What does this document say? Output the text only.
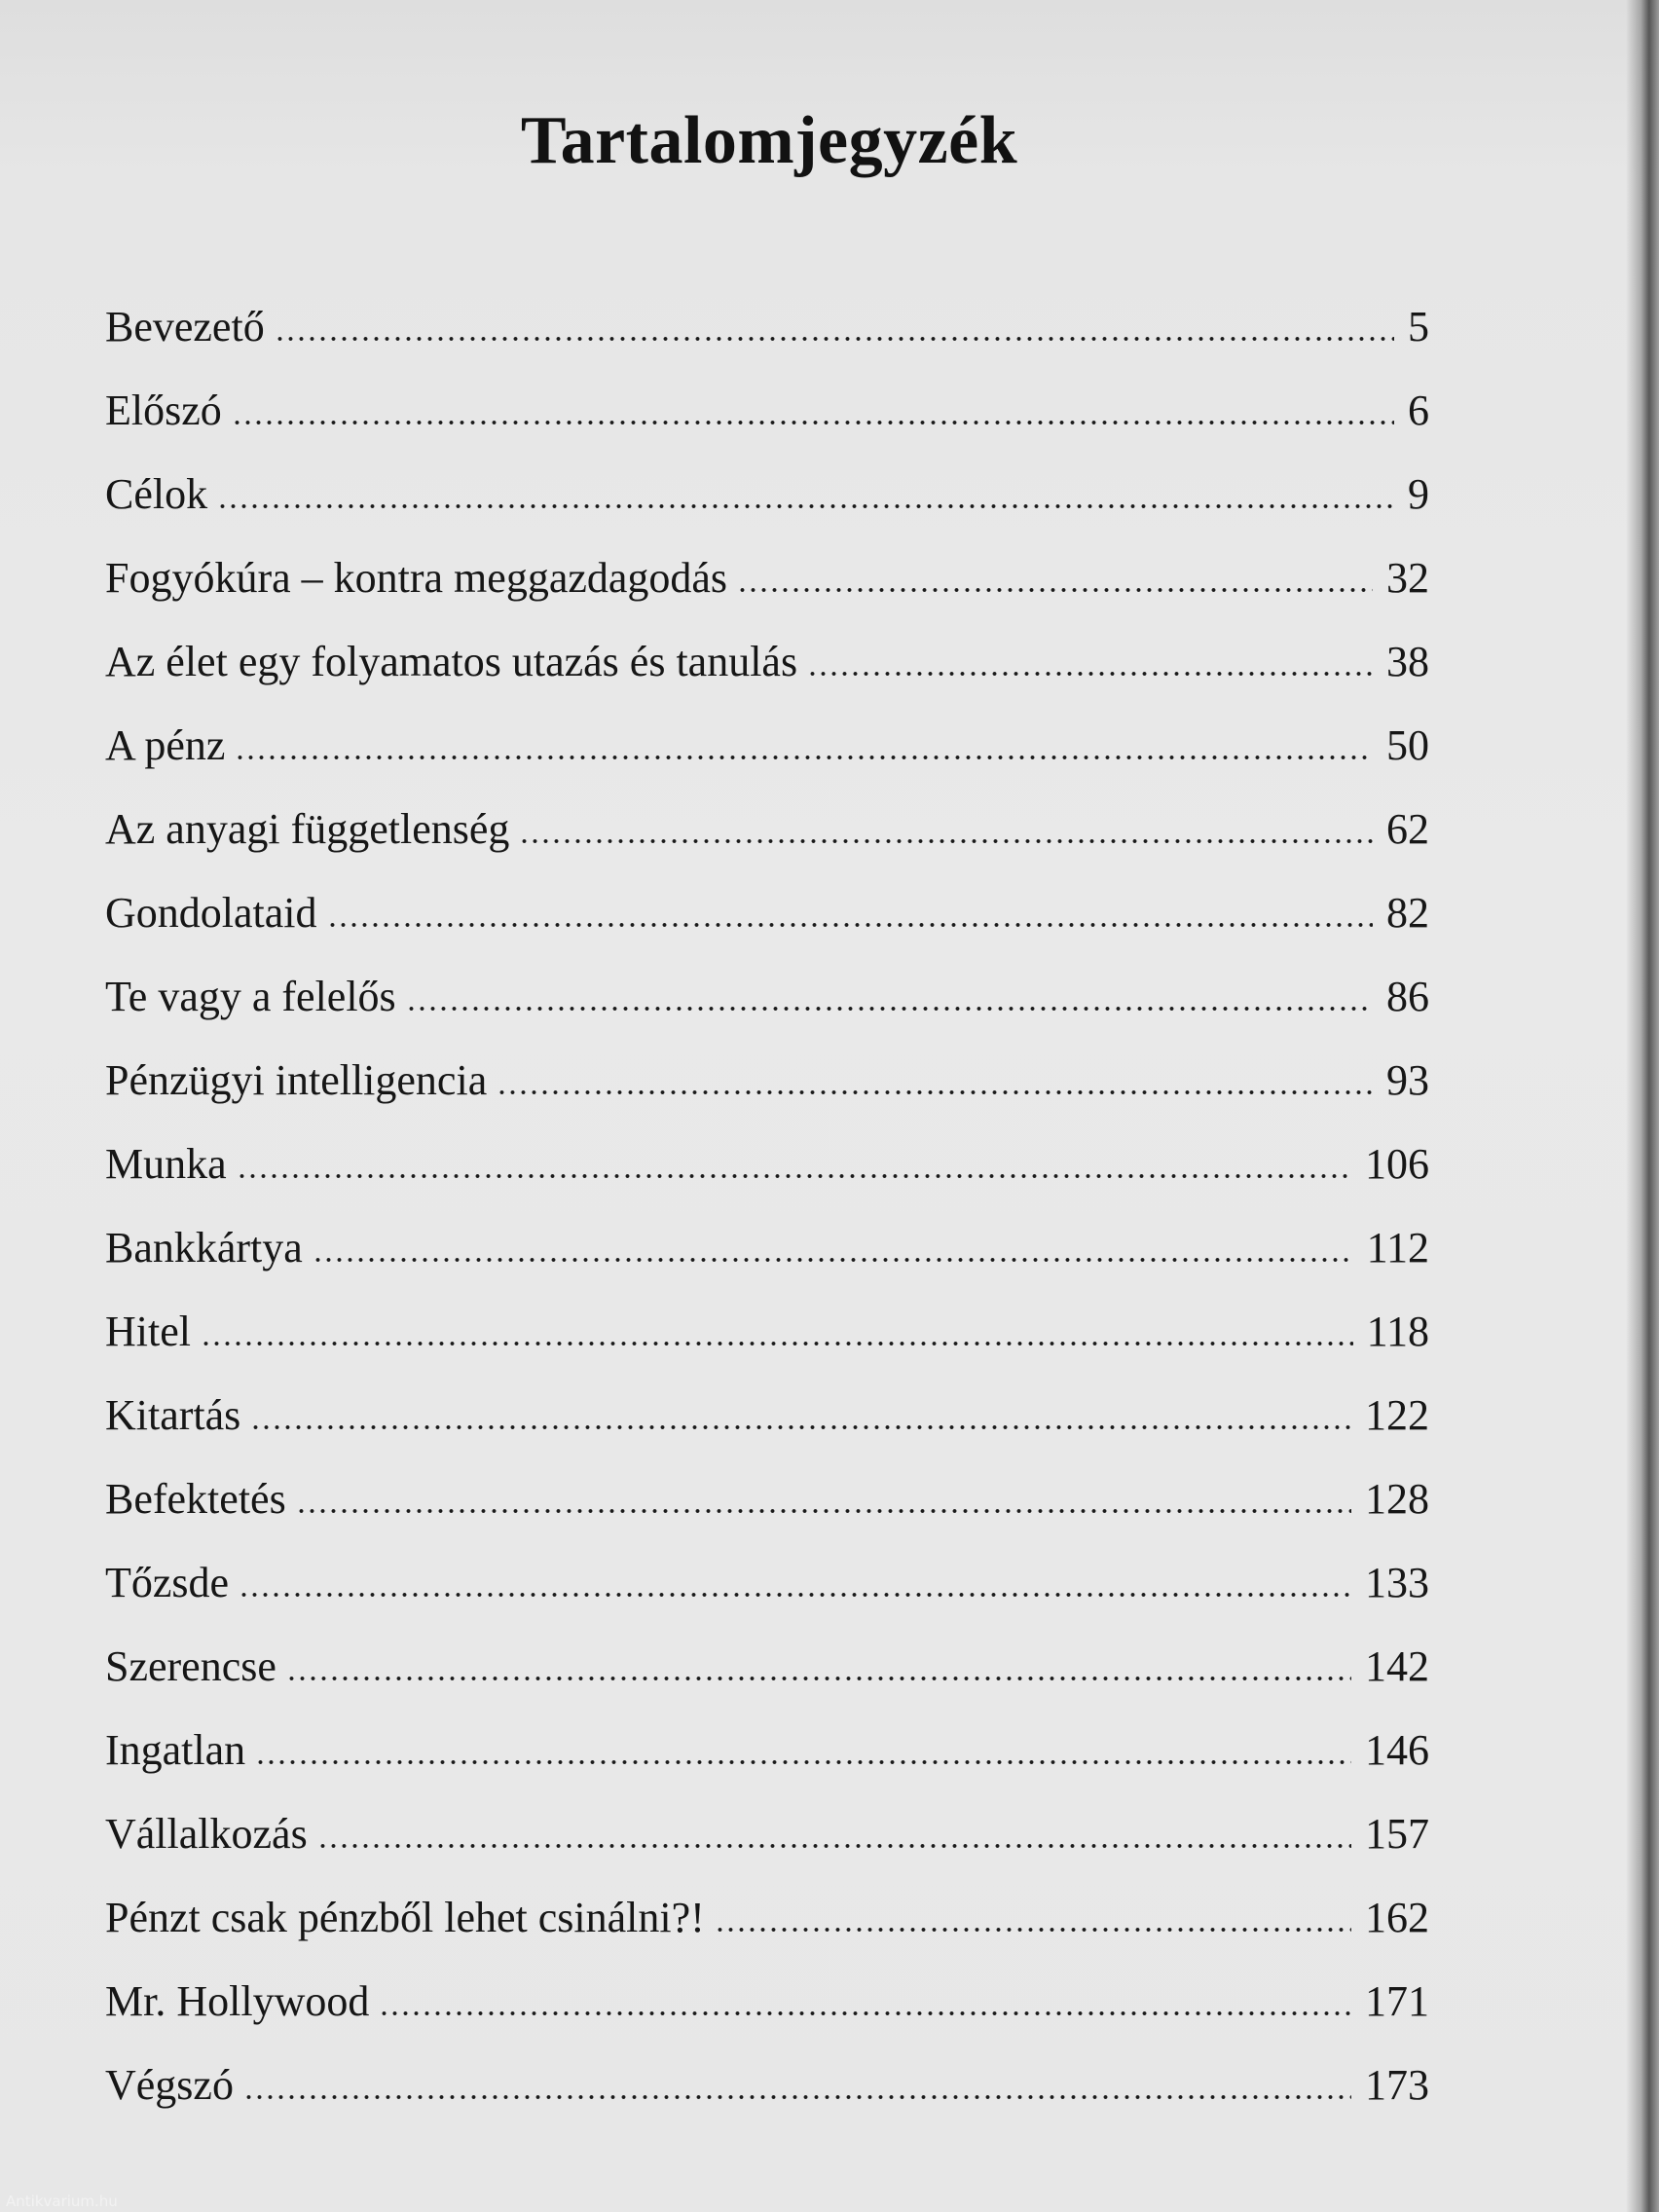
Tartalomjegyzék
Bevezető	5
Előszó	6
Célok	9
Fogyókúra – kontra meggazdagodás	32
Az élet egy folyamatos utazás és tanulás	38
A pénz	50
Az anyagi függetlenség	62
Gondolataid	82
Te vagy a felelős	86
Pénzügyi intelligencia	93
Munka	106
Bankkártya	112
Hitel	118
Kitartás	122
Befektetés	128
Tőzsde	133
Szerencse	142
Ingatlan	146
Vállalkozás	157
Pénzt csak pénzből lehet csinálni?!	162
Mr. Hollywood	171
Végszó	173
Antikvarium.hu
